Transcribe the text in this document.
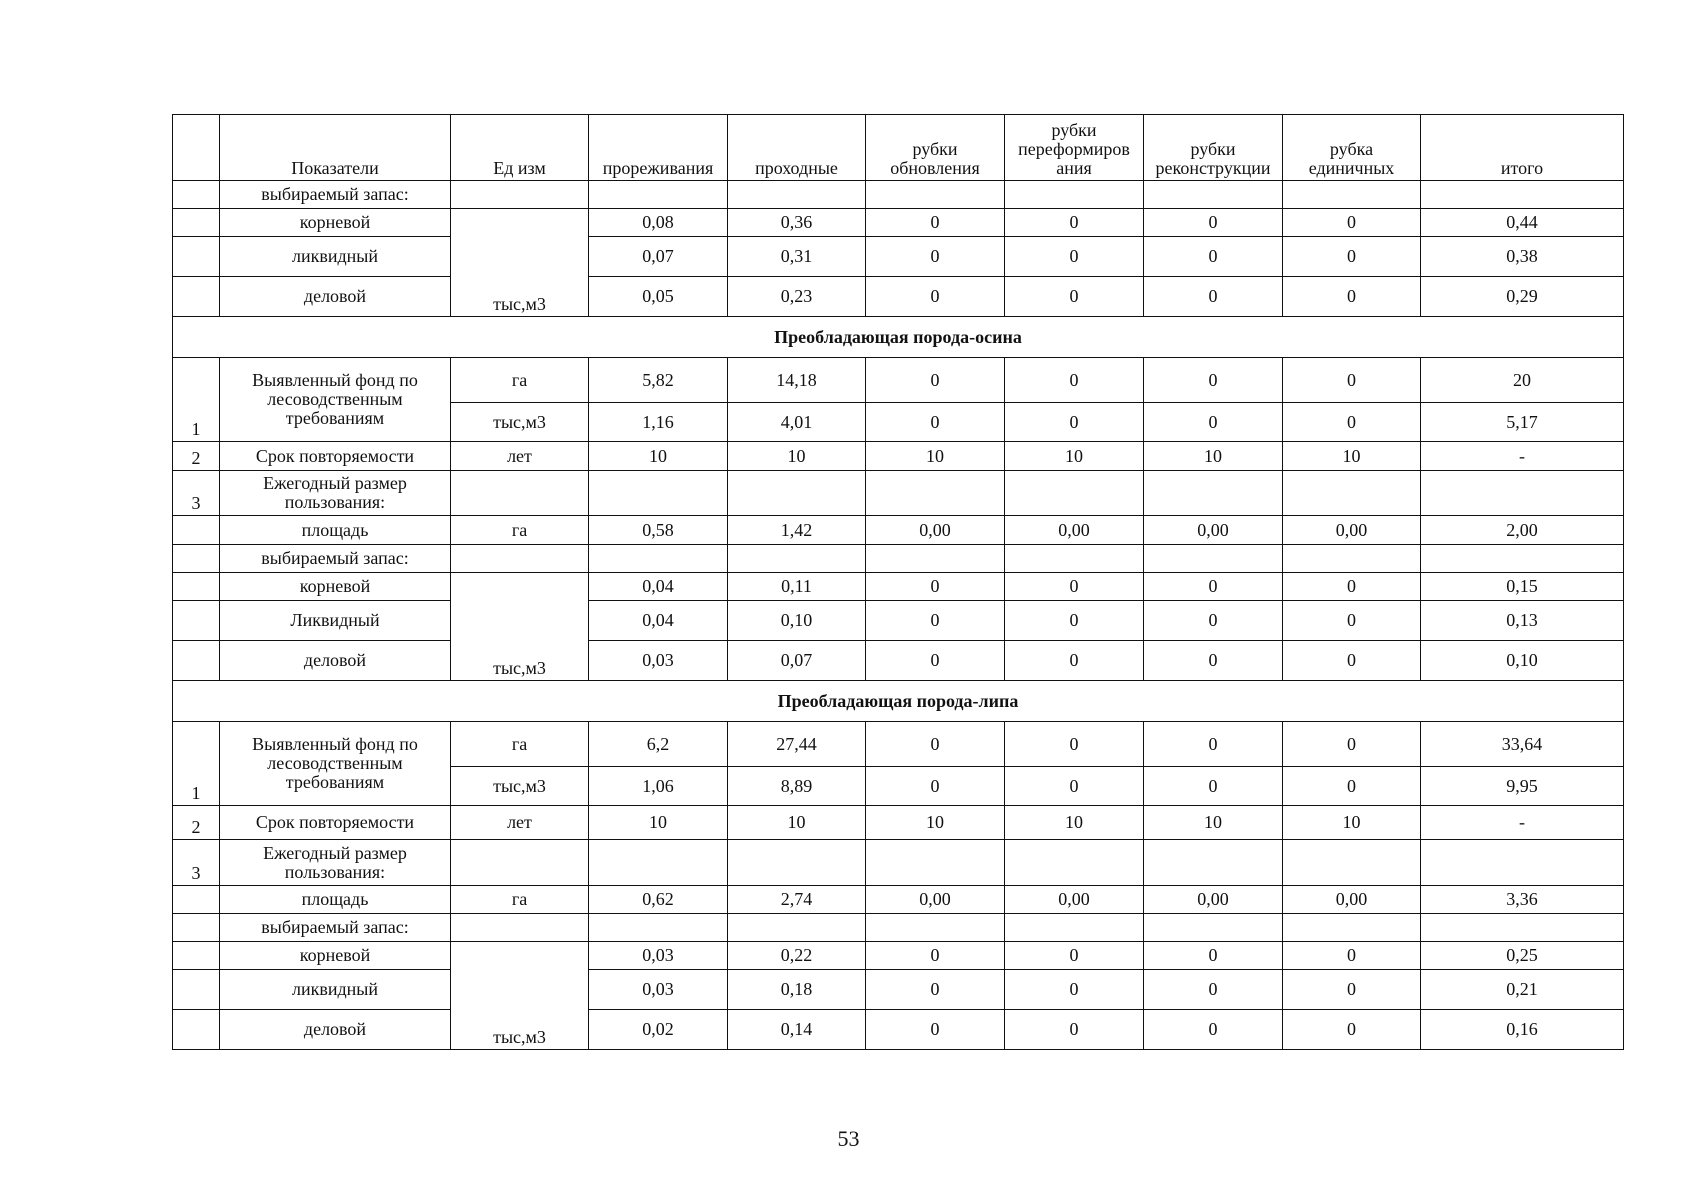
	Показатели	Ед изм	прореживания	проходные	рубки обновления	рубки переформиров ания	рубки реконструкции	рубка единичных	итого
	выбираемый запас:								
	корневой	тыс,м3	0,08	0,36	0	0	0	0	0,44
	ликвидный		0,07	0,31	0	0	0	0	0,38
	деловой		0,05	0,23	0	0	0	0	0,29
Преобладающая порода-осина									
1	Выявленный фонд по лесоводственным требованиям	га	5,82	14,18	0	0	0	0	20
		тыс,м3	1,16	4,01	0	0	0	0	5,17
2	Срок повторяемости	лет	10	10	10	10	10	10	-
3	Ежегодный размер пользования:								
	площадь	га	0,58	1,42	0,00	0,00	0,00	0,00	2,00
	выбираемый запас:								
	корневой	тыс,м3	0,04	0,11	0	0	0	0	0,15
	Ликвидный		0,04	0,10	0	0	0	0	0,13
	деловой		0,03	0,07	0	0	0	0	0,10
Преобладающая порода-липа									
1	Выявленный фонд по лесоводственным требованиям	га	6,2	27,44	0	0	0	0	33,64
		тыс,м3	1,06	8,89	0	0	0	0	9,95
2	Срок повторяемости	лет	10	10	10	10	10	10	-
3	Ежегодный размер пользования:								
	площадь	га	0,62	2,74	0,00	0,00	0,00	0,00	3,36
	выбираемый запас:								
	корневой	тыс,м3	0,03	0,22	0	0	0	0	0,25
	ликвидный		0,03	0,18	0	0	0	0	0,21
	деловой		0,02	0,14	0	0	0	0	0,16
53
